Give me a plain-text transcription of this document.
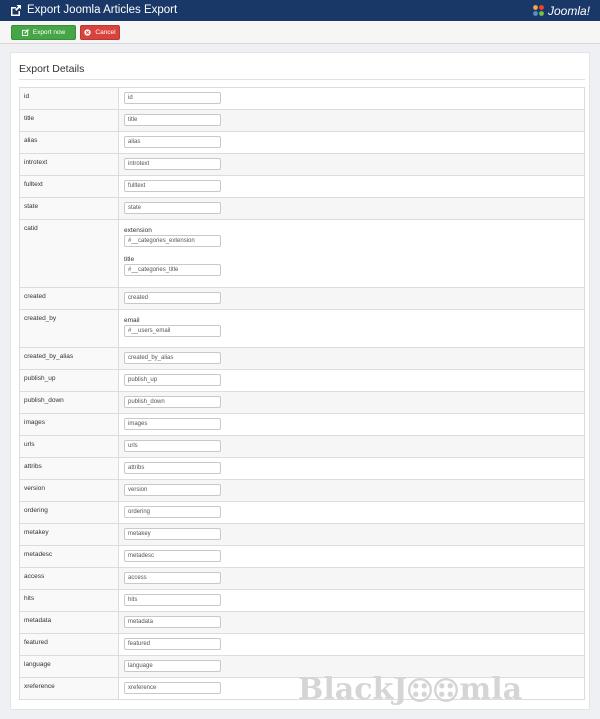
Export Joomla Articles Export	Joomla!
Export now	Cancel
Export Details
id	id

title	title

alias	alias

introtext	introtext

fulltext	fulltext

state	state

catid	extension
#__categories_extension
title
#__categories_title

created	created

created_by	email
#__users_email

created_by_alias	created_by_alias

publish_up	publish_up

publish_down	publish_down

images	images

urls	urls

attribs	attribs

version	version

ordering	ordering

metakey	metakey

metadesc	metadesc

access	access

hits	hits

metadata	metadata

featured	featured

language	language

xreference	xreference	BlackJ mla
